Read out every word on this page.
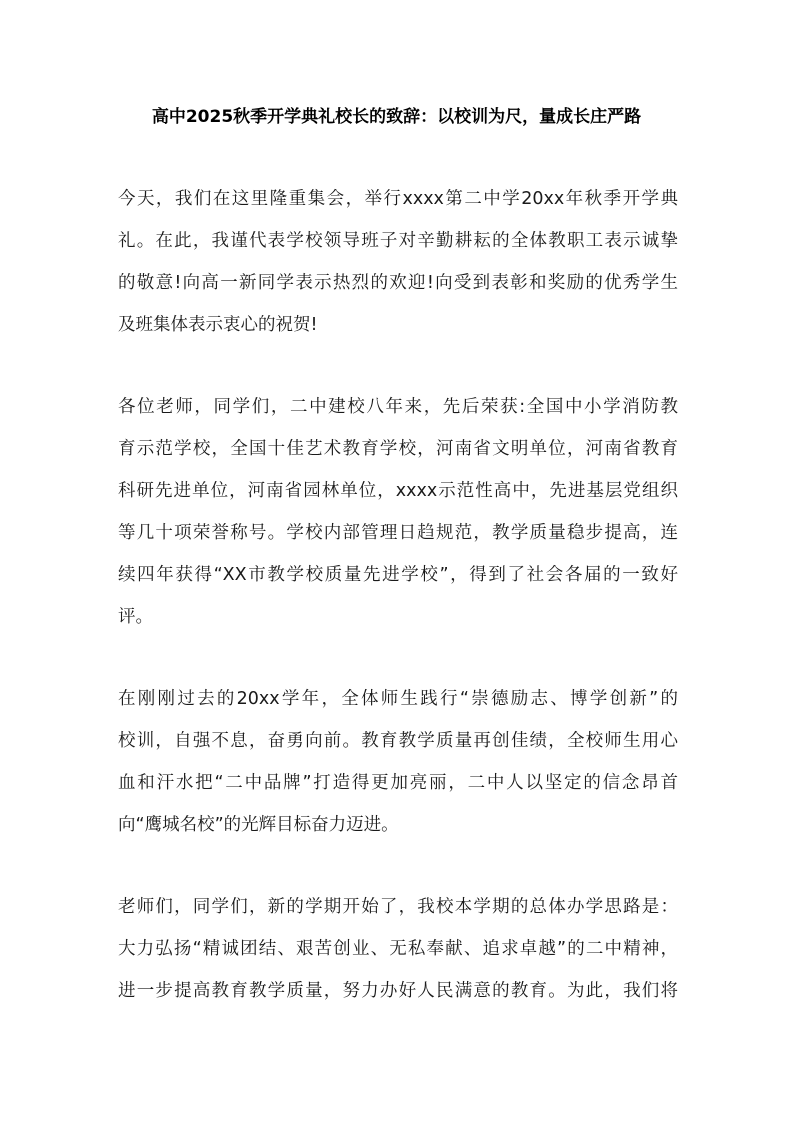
高中2025秋季开学典礼校长的致辞：以校训为尺，量成长庄严路
今天，我们在这里隆重集会，举行xxxx第二中学20xx年秋季开学典
礼。在此，我谨代表学校领导班子对辛勤耕耘的全体教职工表示诚挚
的敬意!向高一新同学表示热烈的欢迎!向受到表彰和奖励的优秀学生
及班集体表示衷心的祝贺!
各位老师，同学们，二中建校八年来，先后荣获:全国中小学消防教
育示范学校，全国十佳艺术教育学校，河南省文明单位，河南省教育
科研先进单位，河南省园林单位，xxxx示范性高中，先进基层党组织
等几十项荣誉称号。学校内部管理日趋规范，教学质量稳步提高，连
续四年获得“XX市教学校质量先进学校”，得到了社会各届的一致好
评。
在刚刚过去的20xx学年，全体师生践行“崇德励志、博学创新”的
校训，自强不息，奋勇向前。教育教学质量再创佳绩，全校师生用心
血和汗水把“二中品牌”打造得更加亮丽，二中人以坚定的信念昂首
向“鹰城名校”的光辉目标奋力迈进。
老师们，同学们，新的学期开始了，我校本学期的总体办学思路是：
大力弘扬“精诚团结、艰苦创业、无私奉献、追求卓越”的二中精神，
进一步提高教育教学质量，努力办好人民满意的教育。为此，我们将
